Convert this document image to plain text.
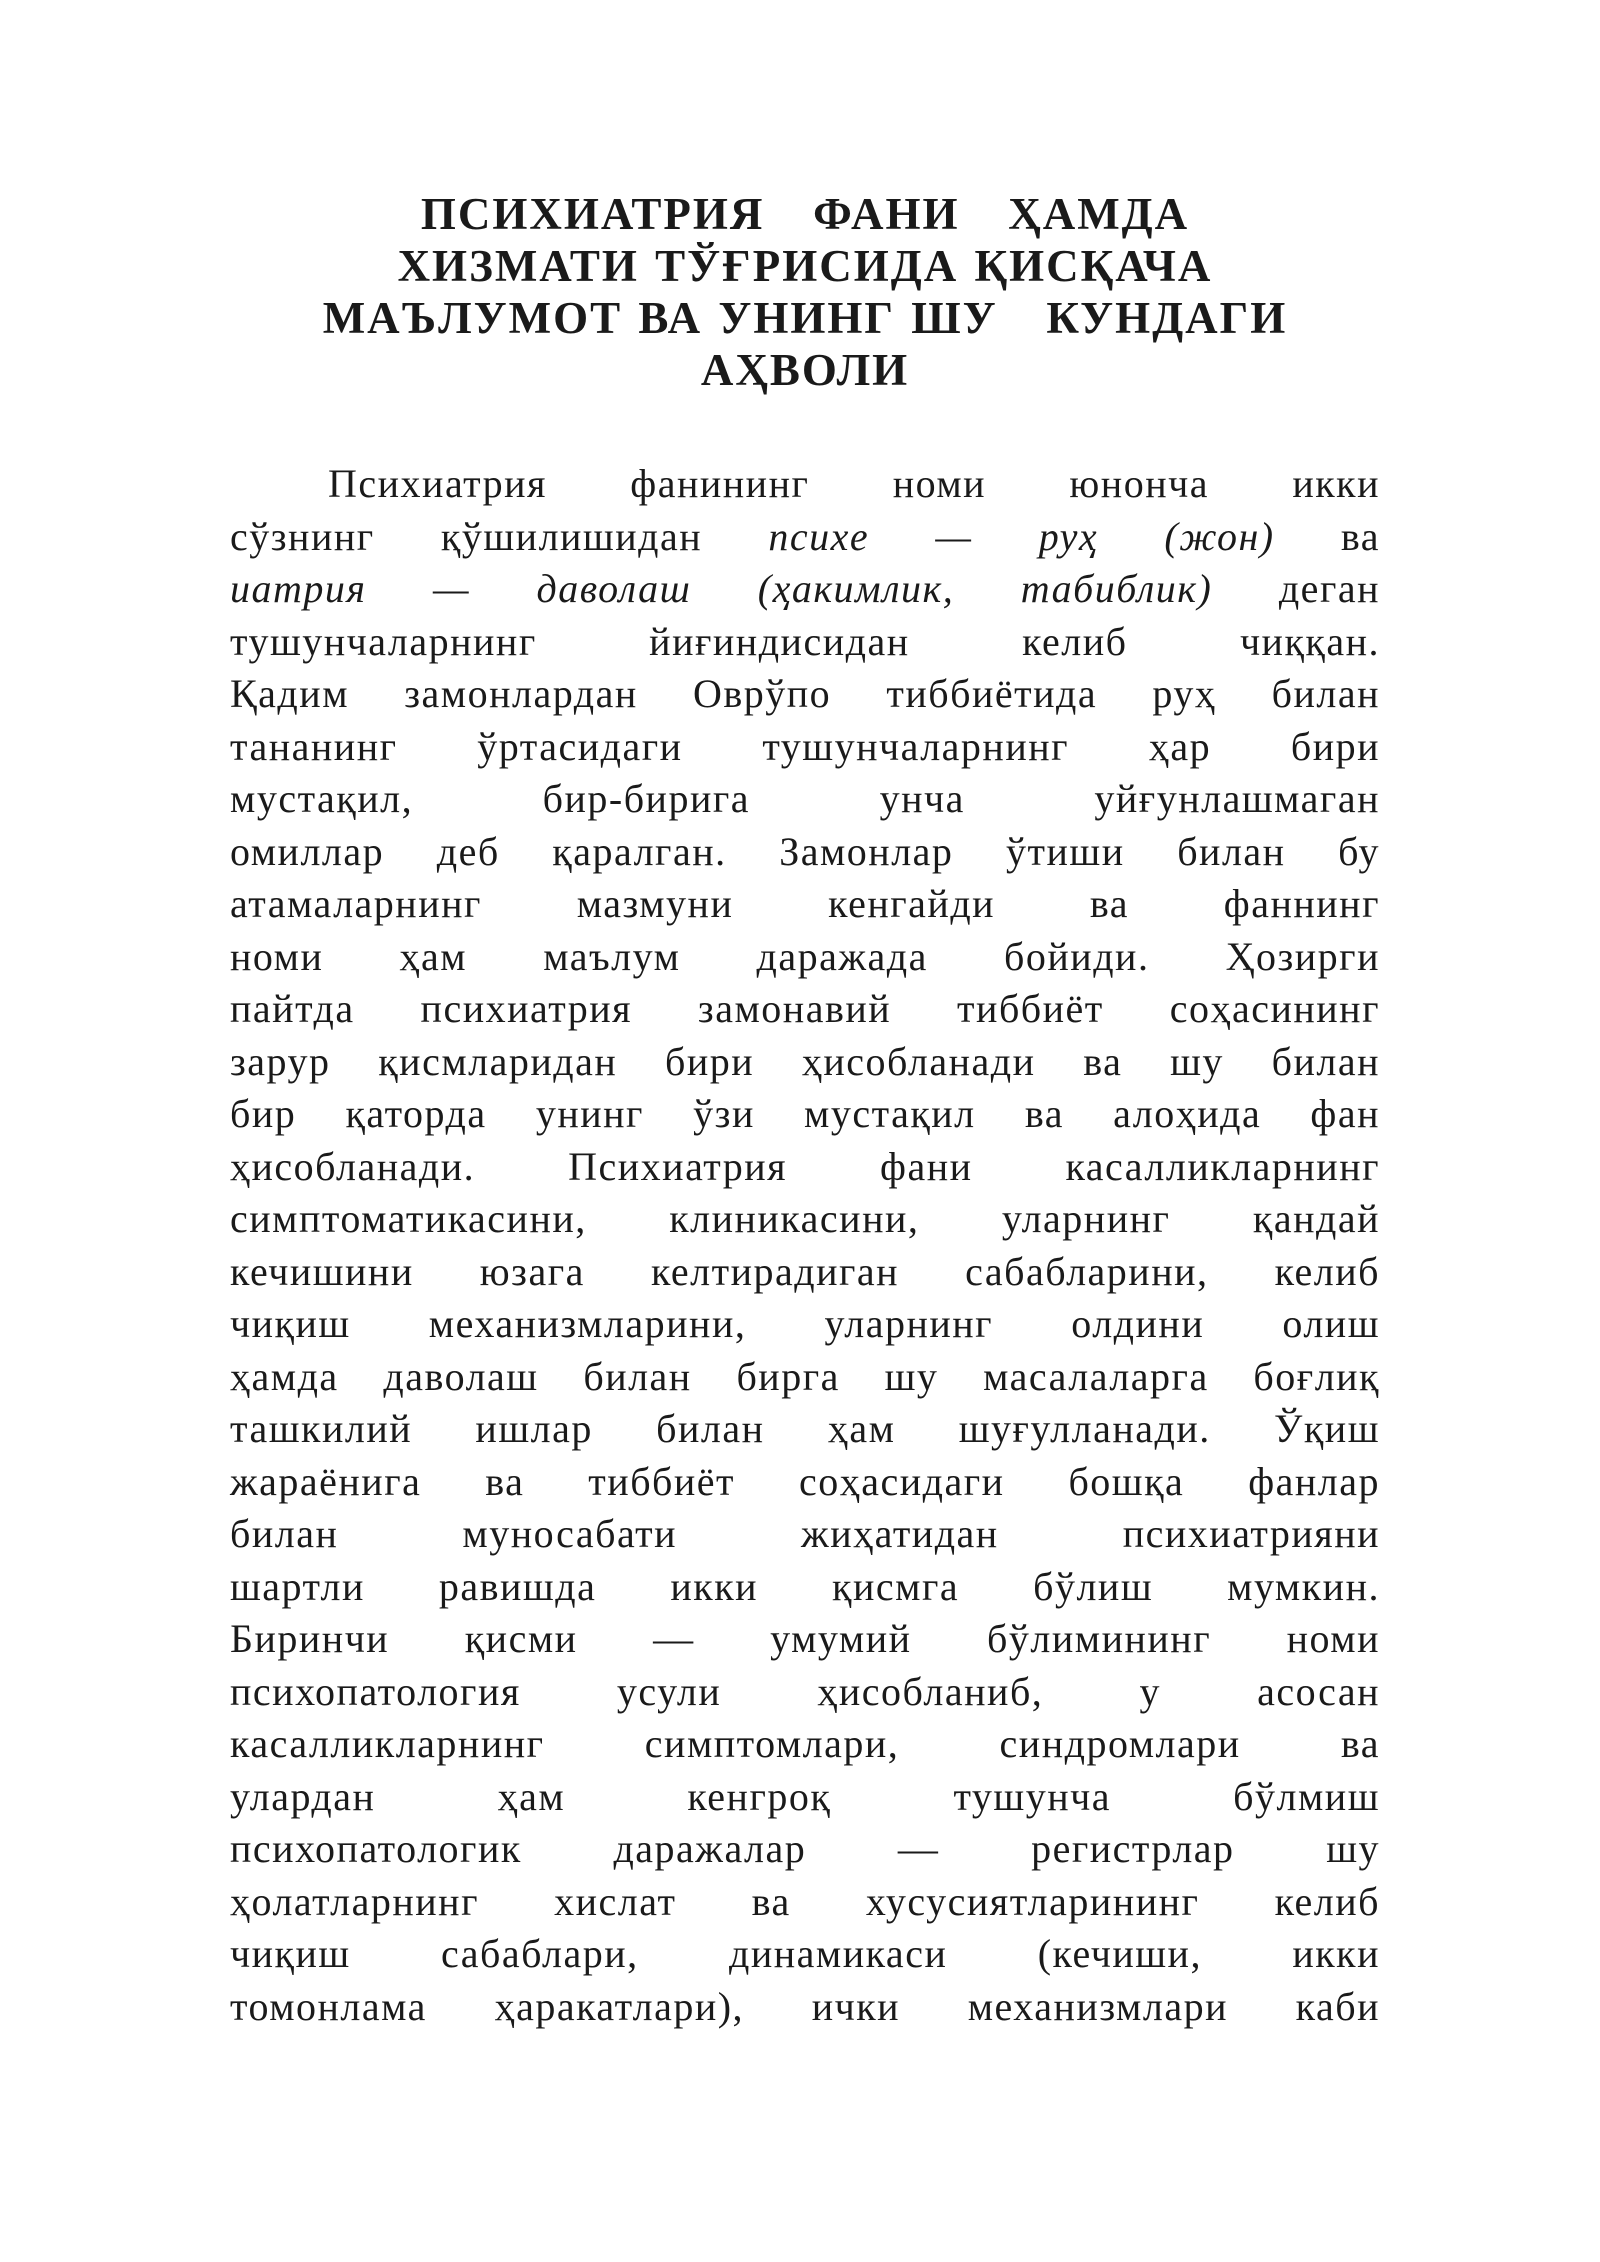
ПСИХИАТРИЯ   ФАНИ   ҲАМДА
ХИЗМАТИ ТЎҒРИСИДА ҚИСҚАЧА
МАЪЛУМОТ ВА УНИНГ ШУ   КУНДАГИ
АҲВОЛИ
Психиатрия фанининг номи юнонча икки
сўзнинг қўшилишидан психе — руҳ (жон) ва
иатрия — даволаш (ҳакимлик, табиблик) деган
тушунчаларнинг йиғиндисидан келиб чиққан.
Қадим замонлардан Оврўпо тиббиётида руҳ билан
тананинг ўртасидаги тушунчаларнинг ҳар бири
мустақил, бир-бирига унча уйғунлашмаган
омиллар деб қаралган. Замонлар ўтиши билан бу
атамаларнинг мазмуни кенгайди ва фаннинг
номи ҳам маълум даражада бойиди. Ҳозирги
пайтда психиатрия замонавий тиббиёт соҳасининг
зарур қисмларидан бири ҳисобланади ва шу билан
бир қаторда унинг ўзи мустақил ва алоҳида фан
ҳисобланади. Психиатрия фани касалликларнинг
симптоматикасини, клиникасини, уларнинг қандай
кечишини юзага келтирадиган сабабларини, келиб
чиқиш механизмларини, уларнинг олдини олиш
ҳамда даволаш билан бирга шу масалаларга боғлиқ
ташкилий ишлар билан ҳам шуғулланади. Ўқиш
жараёнига ва тиббиёт соҳасидаги бошқа фанлар
билан муносабати жиҳатидан психиатрияни
шартли равишда икки қисмга бўлиш мумкин.
Биринчи қисми — умумий бўлимининг номи
психопатология усули ҳисобланиб, у асосан
касалликларнинг симптомлари, синдромлари ва
улардан ҳам кенгроқ тушунча бўлмиш
психопатологик даражалар — регистрлар шу
ҳолатларнинг хислат ва хусусиятларининг келиб
чиқиш сабаблари, динамикаси (кечиши, икки
томонлама ҳаракатлари), ички механизмлари каби
